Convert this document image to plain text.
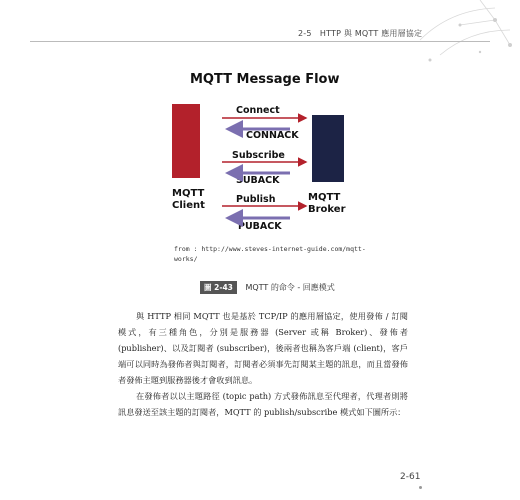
2-5　HTTP 與 MQTT 應用層協定
MQTT Message Flow
MQTT
Client
MQTT
Broker
Connect
CONNACK
Subscribe
SUBACK
Publish
PUBACK
from : http://www.steves-internet-guide.com/mqtt-
works/
圖 2-43 MQTT 的命令 - 回應模式

與 HTTP 相同 MQTT 也是基於 TCP/IP 的應用層協定，使用發佈 / 訂閱模式，有三種角色，分別是服務器 (Server 或稱 Broker)、發佈者 (publisher)、以及訂閱者 (subscriber)，後兩者也稱為客戶端 (client)，客戶端可以同時為發佈者與訂閱者，訂閱者必須事先訂閱某主題的訊息，而且當發佈者發佈主題到服務器後才會收到訊息。

在發佈者以以主題路徑 (topic path) 方式發佈訊息至代理者，代理者則將訊息發送至該主題的訂閱者，MQTT 的 publish/subscribe 模式如下圖所示：

2-61
